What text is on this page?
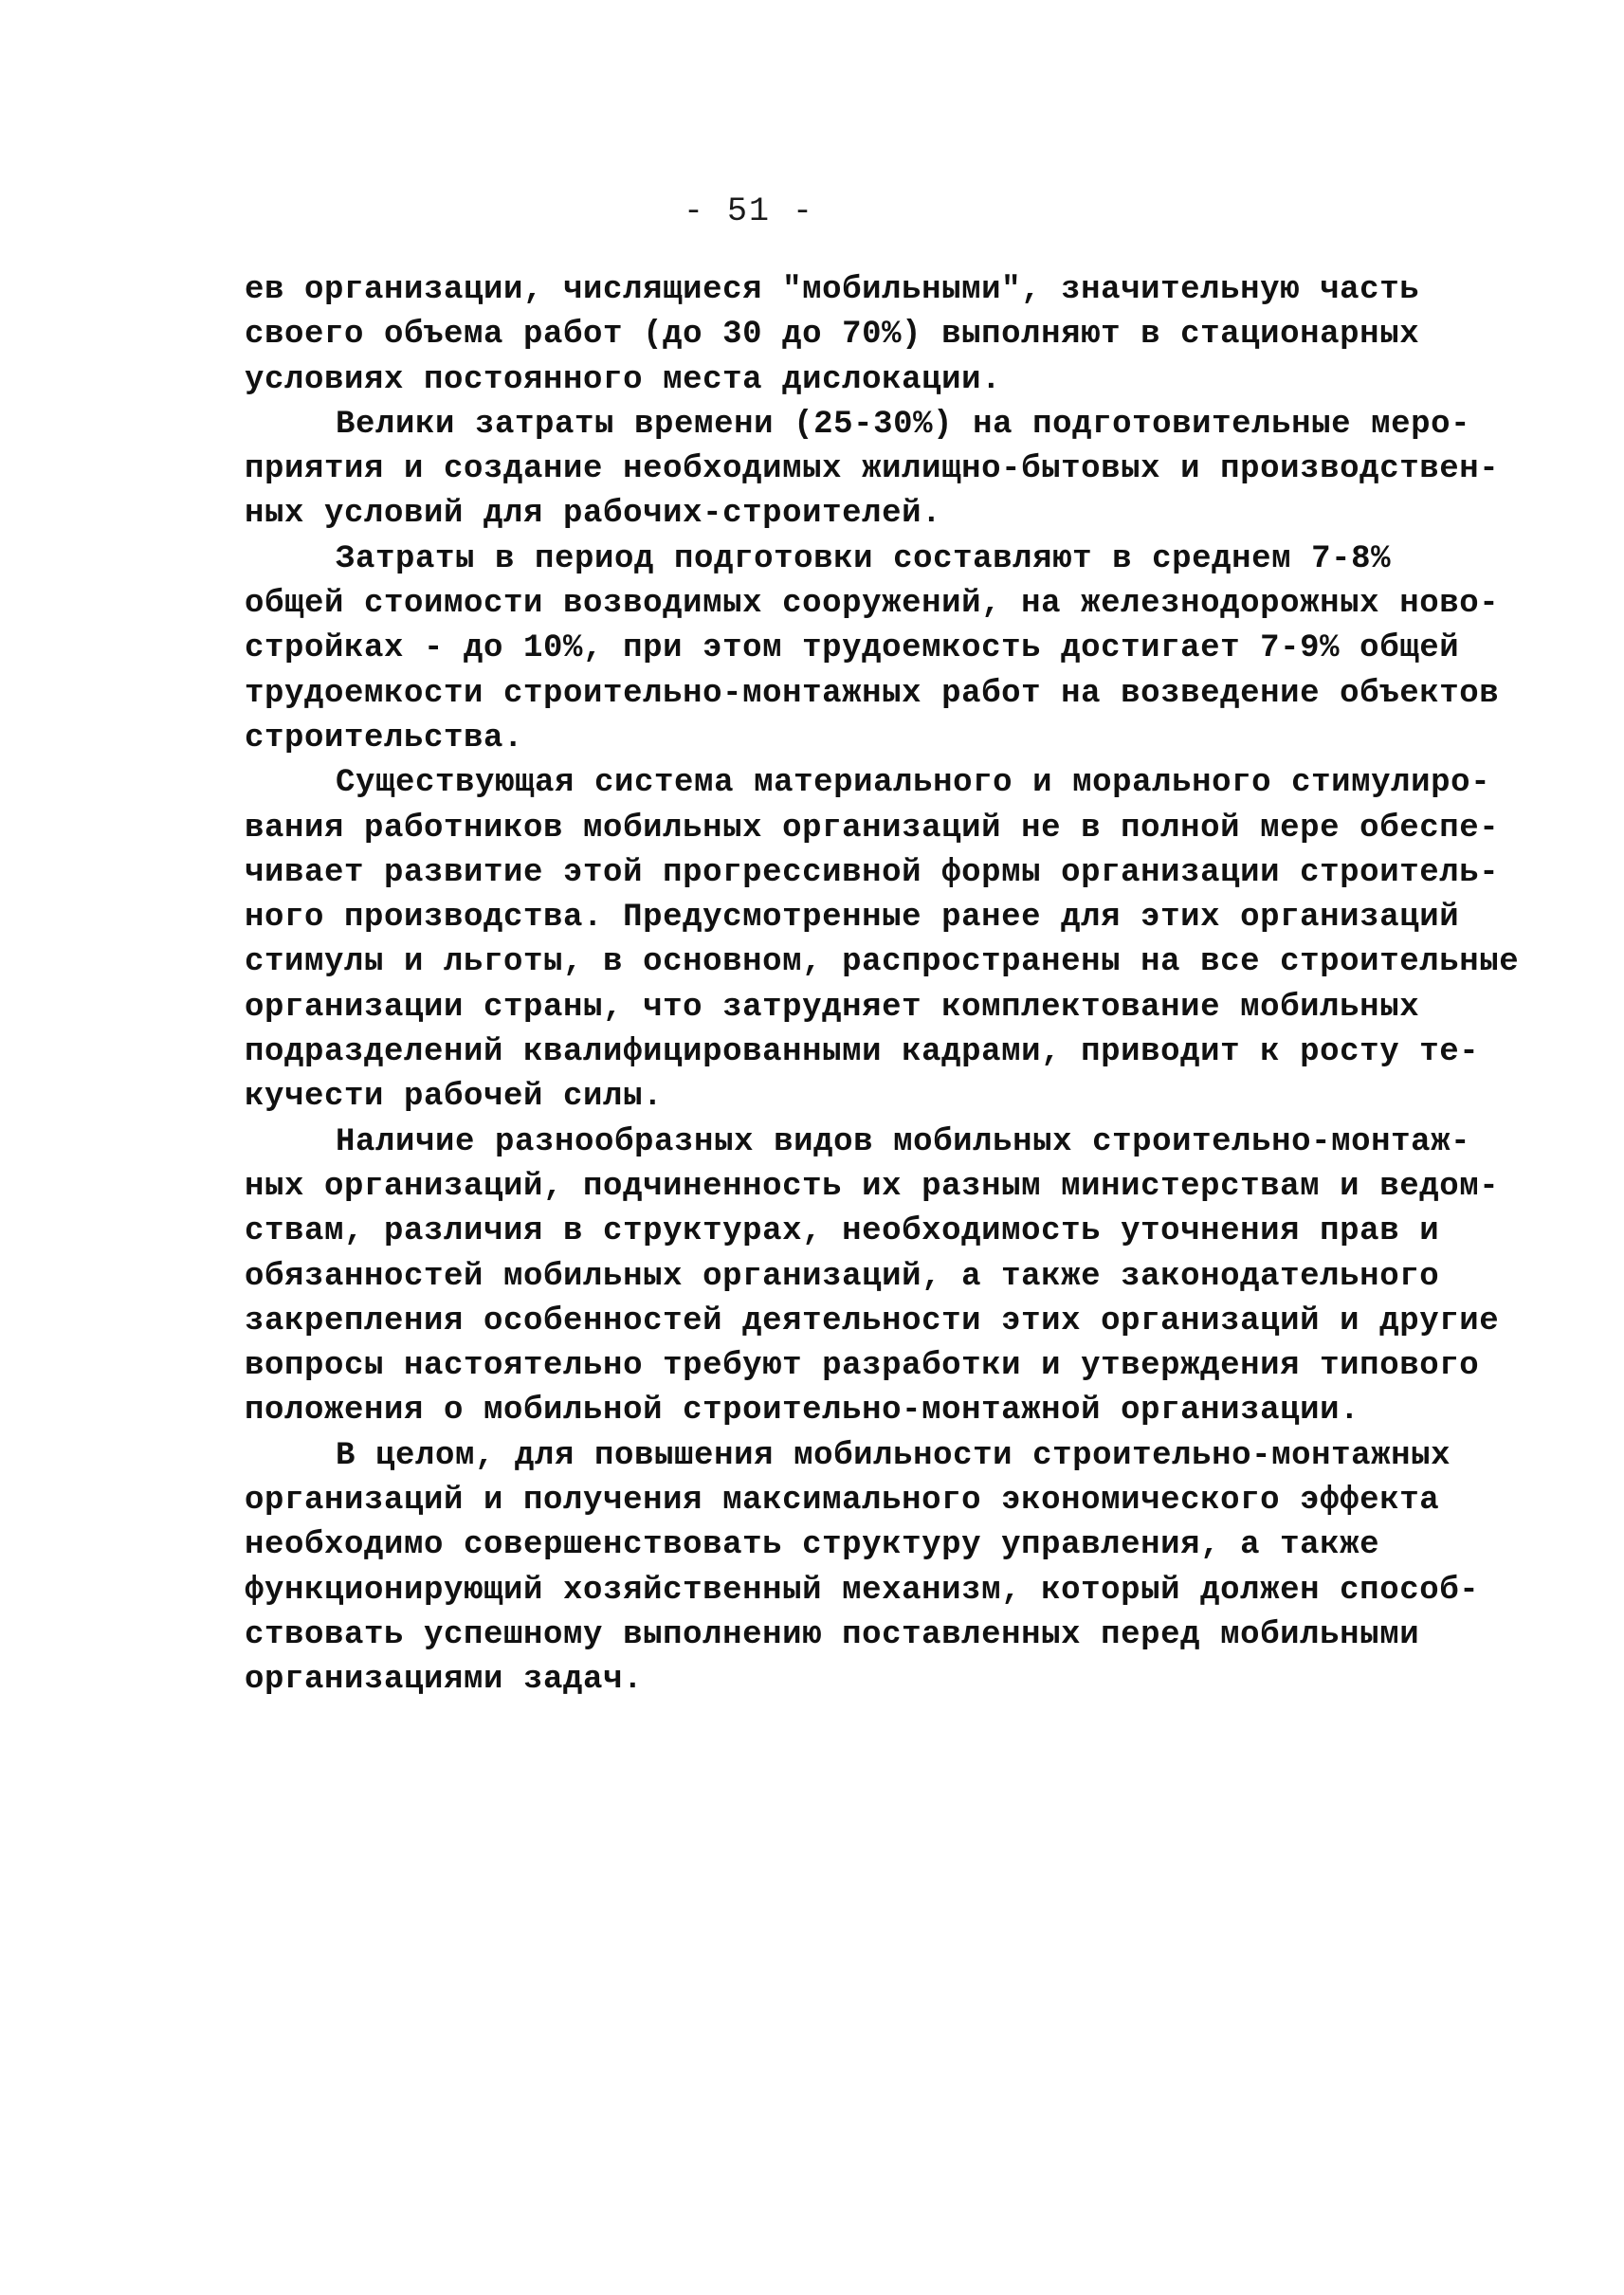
- 51 -
ев организации, числящиеся "мобильными", значительную часть
своего объема работ (до 30 до 70%) выполняют в стационарных
условиях постоянного места дислокации.
Велики затраты времени (25-30%) на подготовительные меро-
приятия и создание необходимых жилищно-бытовых и производствен-
ных условий для рабочих-строителей.
Затраты в период подготовки составляют в среднем 7-8%
общей стоимости возводимых сооружений, на железнодорожных ново-
стройках - до 10%, при этом трудоемкость достигает 7-9% общей
трудоемкости строительно-монтажных работ на возведение объектов
строительства.
Существующая система материального и морального стимулиро-
вания работников мобильных организаций не в полной мере обеспе-
чивает развитие этой прогрессивной формы организации строитель-
ного производства. Предусмотренные ранее для этих организаций
стимулы и льготы, в основном, распространены на все строительные
организации страны, что затрудняет комплектование мобильных
подразделений квалифицированными кадрами, приводит к росту те-
кучести рабочей силы.
Наличие разнообразных видов мобильных строительно-монтаж-
ных организаций, подчиненность их разным министерствам и ведом-
ствам, различия в структурах, необходимость уточнения прав и
обязанностей мобильных организаций, а также законодательного
закрепления особенностей деятельности этих организаций и другие
вопросы настоятельно требуют разработки и утверждения типового
положения о мобильной строительно-монтажной организации.
В целом, для повышения мобильности строительно-монтажных
организаций и получения максимального экономического эффекта
необходимо совершенствовать структуру управления, а также
функционирующий хозяйственный механизм, который должен способ-
ствовать успешному выполнению поставленных перед мобильными
организациями задач.
